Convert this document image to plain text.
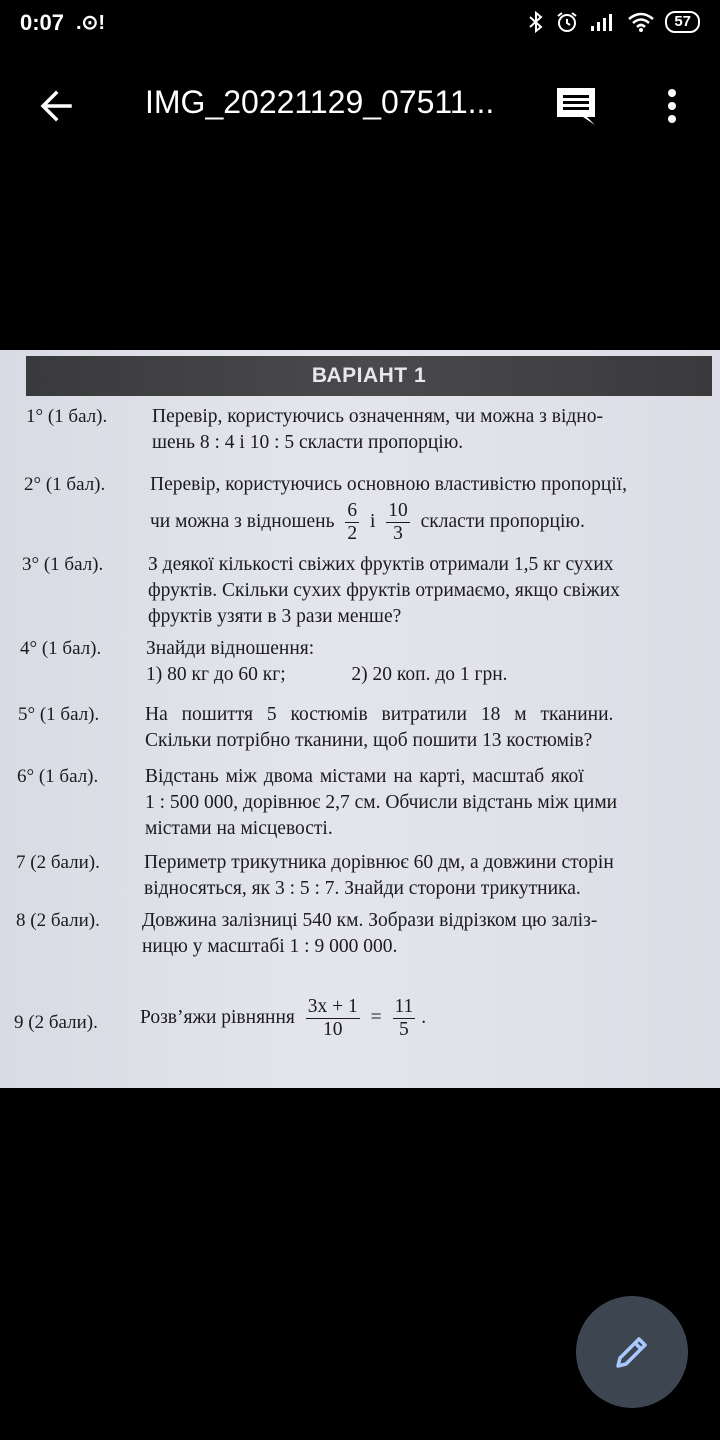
0:07 .⊙!	57
IMG_20221129_07511...
ВАРІАНТ 1
1° (1 бал). Перевір, користуючись означенням, чи можна з відно-
шень 8 : 4 і 10 : 5 скласти пропорцію.
2° (1 бал). Перевір, користуючись основною властивістю пропорції,
чи можна з відношень $\frac{6}{2}$ і $\frac{10}{3}$ скласти пропорцію.
3° (1 бал). З деякої кількості свіжих фруктів отримали 1,5 кг сухих
фруктів. Скільки сухих фруктів отримаємо, якщо свіжих
фруктів узяти в 3 рази менше?
4° (1 бал). Знайди відношення:
1) 80 кг до 60 кг;	2) 20 коп. до 1 грн.
5° (1 бал). На пошиття 5 костюмів витратили 18 м тканини.
Скільки потрібно тканини, щоб пошити 13 костюмів?
6° (1 бал). Відстань між двома містами на карті, масштаб якої
1 : 500 000, дорівнює 2,7 см. Обчисли відстань між цими
містами на місцевості.
7 (2 бали). Периметр трикутника дорівнює 60 дм, а довжини сторін
відносяться, як 3 : 5 : 7. Знайди сторони трикутника.
8 (2 бали). Довжина залізниці 540 км. Зобрази відрізком цю заліз-
ницю у масштабі 1 : 9 000 000.
9 (2 бали). Розв’яжи рівняння $\frac{3x + 1}{10} = \frac{11}{5}$ .
